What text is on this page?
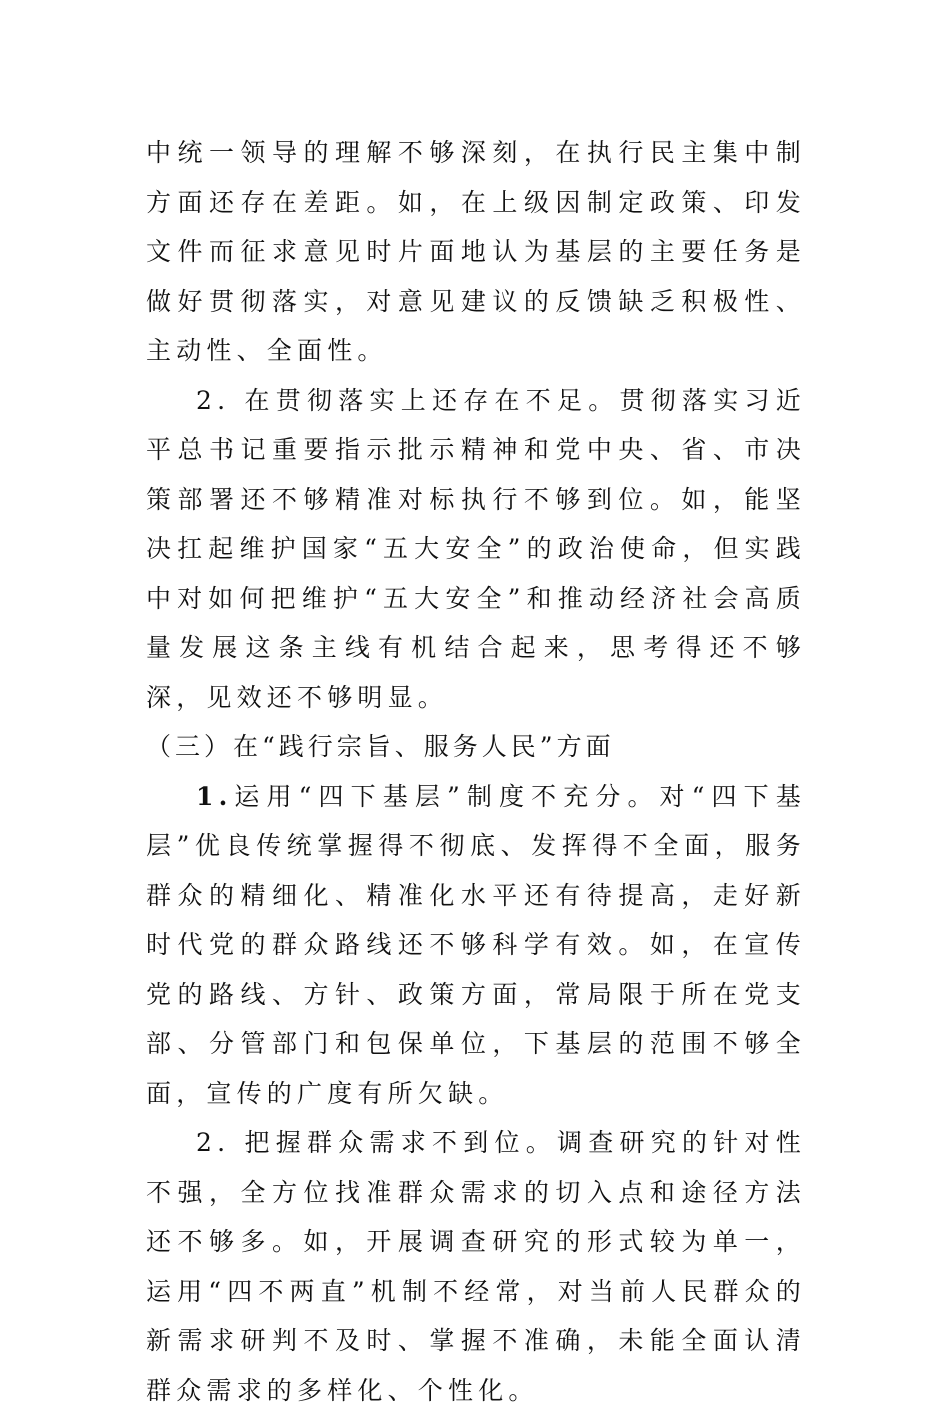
中统一领导的理解不够深刻，在执行民主集中制方面还存在差距。如，在上级因制定政策、印发文件而征求意见时片面地认为基层的主要任务是做好贯彻落实，对意见建议的反馈缺乏积极性、主动性、全面性。

2. 在贯彻落实上还存在不足。贯彻落实习近平总书记重要指示批示精神和党中央、省、市决策部署还不够精准对标执行不够到位。如，能坚决扛起维护国家“五大安全”的政治使命，但实践中对如何把维护“五大安全”和推动经济社会高质量发展这条主线有机结合起来，思考得还不够深，见效还不够明显。

（三）在“践行宗旨、服务人民”方面

1.运用“四下基层”制度不充分。对“四下基层”优良传统掌握得不彻底、发挥得不全面，服务群众的精细化、精准化水平还有待提高，走好新时代党的群众路线还不够科学有效。如，在宣传党的路线、方针、政策方面，常局限于所在党支部、分管部门和包保单位，下基层的范围不够全面，宣传的广度有所欠缺。

2. 把握群众需求不到位。调查研究的针对性不强，全方位找准群众需求的切入点和途径方法还不够多。如，开展调查研究的形式较为单一，运用“四不两直”机制不经常，对当前人民群众的新需求研判不及时、掌握不准确，未能全面认清群众需求的多样化、个性化。
